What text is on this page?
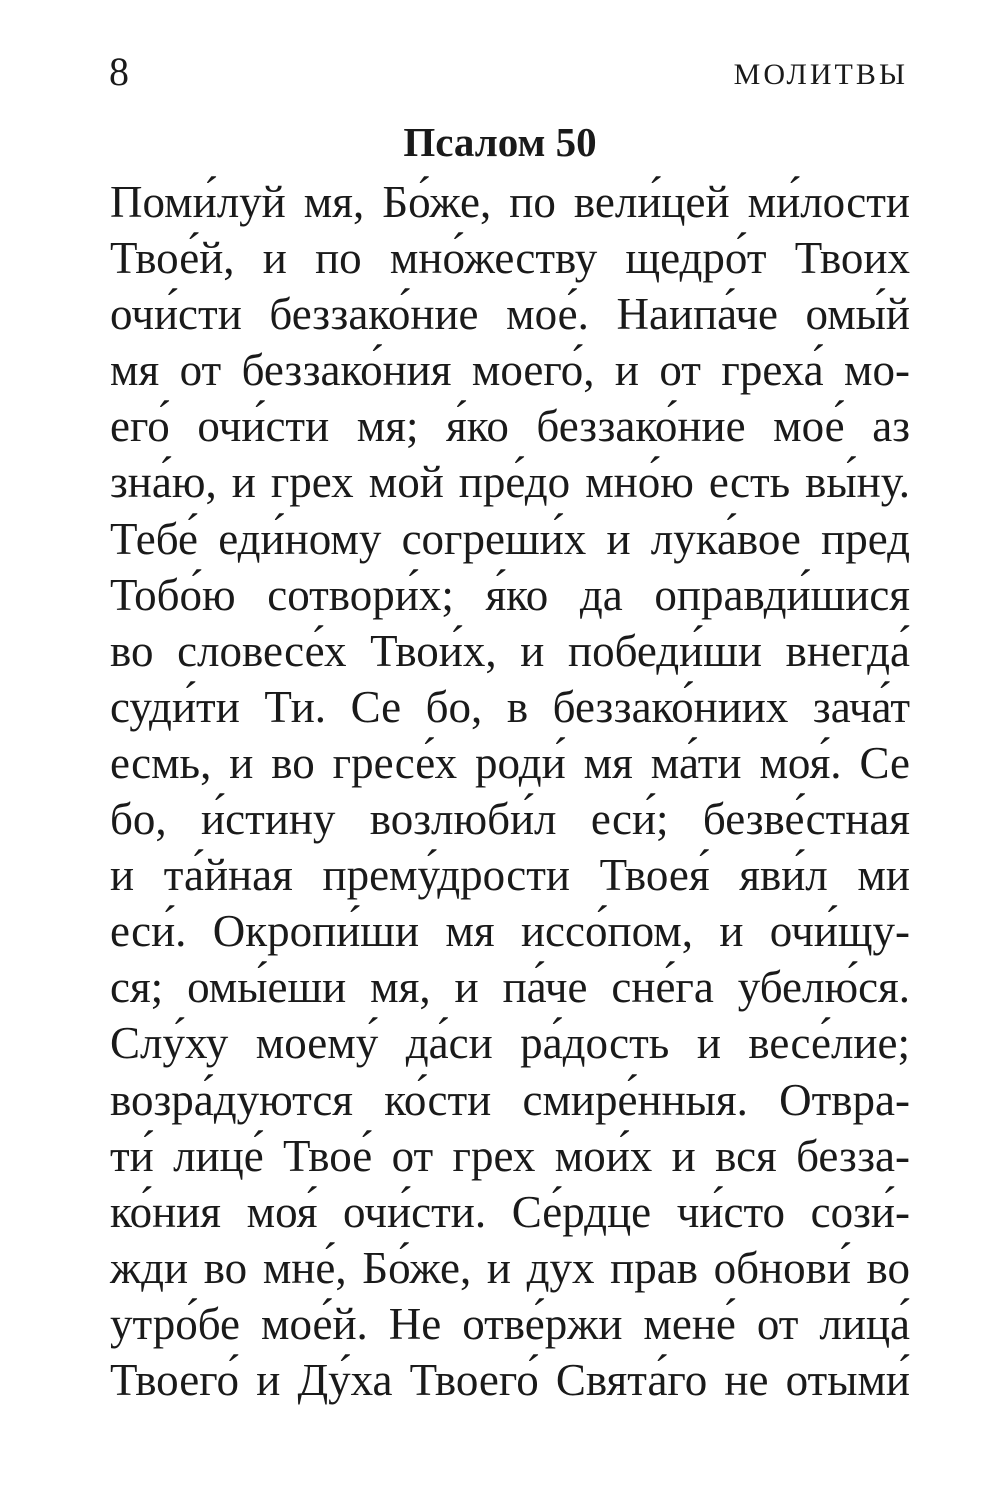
8	МОЛИТВЫ
Псалом 50
Поми́луй мя, Бо́же, по вели́цей ми́лости
Твое́й, и по мно́жеству щедро́т Твоих
очи́сти беззако́ние мое́. Наипа́че омы́й
мя от беззако́ния моего́, и от греха́ мо-
его́ очи́сти мя; я́ко беззако́ние мое́ аз
зна́ю, и грех мой пре́до мно́ю есть вы́ну.
Тебе́ еди́ному согреши́х и лука́вое пред
Тобо́ю сотвори́х; я́ко да оправди́шися
во словесе́х Твои́х, и победи́ши внегда́
суди́ти Ти. Се бо, в беззако́ниих зача́т
есмь, и во гресе́х роди́ мя ма́ти моя́. Се
бо, и́стину возлюби́л еси́; безве́стная
и та́йная прему́дрости Твоея́ яви́л ми
еси́. Окропи́ши мя иссо́пом, и очи́щу-
ся; омы́еши мя, и па́че сне́га убелю́ся.
Слу́ху моему́ да́си ра́дость и весе́лие;
возра́дуются ко́сти смире́нныя. Отвра-
ти́ лице́ Твое́ от грех мои́х и вся безза-
ко́ния моя́ очи́сти. Се́рдце чи́сто сози́-
жди во мне́, Бо́же, и дух прав обнови́ во
утро́бе мое́й. Не отве́ржи мене́ от лица́
Твоего́ и Ду́ха Твоего́ Свята́го не отыми́
